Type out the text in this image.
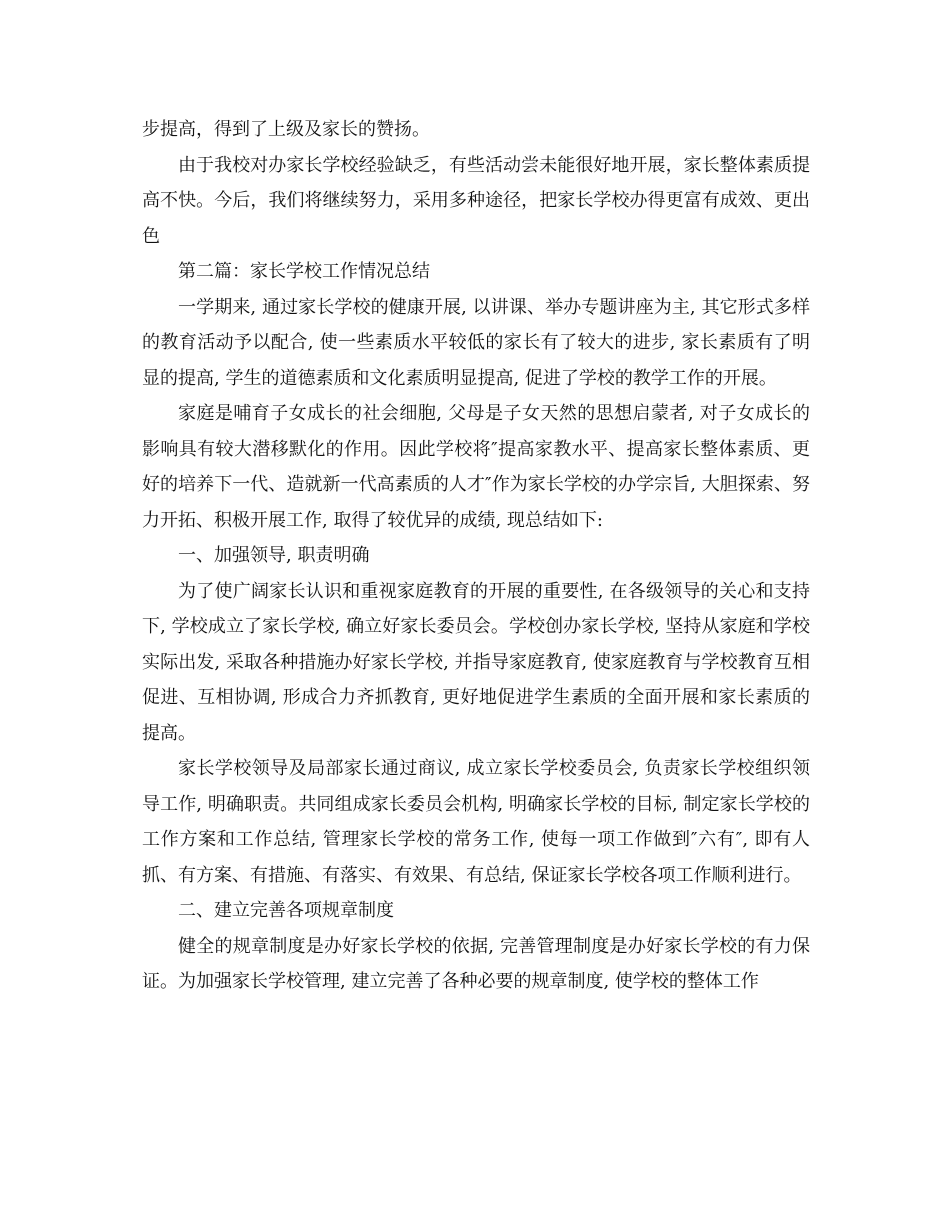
步提高，得到了上级及家长的赞扬。

由于我校对办家长学校经验缺乏，有些活动尝未能很好地开展，家长整体素质提高不快。今后，我们将继续努力，采用多种途径，把家长学校办得更富有成效、更出色

第二篇：家长学校工作情况总结

一学期来, 通过家长学校的健康开展, 以讲课、举办专题讲座为主, 其它形式多样的教育活动予以配合, 使一些素质水平较低的家长有了较大的进步, 家长素质有了明显的提高, 学生的道德素质和文化素质明显提高, 促进了学校的教学工作的开展。

家庭是哺育子女成长的社会细胞, 父母是子女天然的思想启蒙者, 对子女成长的影响具有较大潜移默化的作用。因此学校将″提高家教水平、提高家长整体素质、更好的培养下一代、造就新一代高素质的人才″作为家长学校的办学宗旨, 大胆探索、努力开拓、积极开展工作, 取得了较优异的成绩, 现总结如下:

一、加强领导, 职责明确

为了使广阔家长认识和重视家庭教育的开展的重要性, 在各级领导的关心和支持下, 学校成立了家长学校, 确立好家长委员会。学校创办家长学校, 坚持从家庭和学校实际出发, 采取各种措施办好家长学校, 并指导家庭教育, 使家庭教育与学校教育互相促进、互相协调, 形成合力齐抓教育, 更好地促进学生素质的全面开展和家长素质的提高。

家长学校领导及局部家长通过商议, 成立家长学校委员会, 负责家长学校组织领导工作, 明确职责。共同组成家长委员会机构, 明确家长学校的目标, 制定家长学校的工作方案和工作总结, 管理家长学校的常务工作, 使每一项工作做到″六有″, 即有人抓、有方案、有措施、有落实、有效果、有总结, 保证家长学校各项工作顺利进行。

二、建立完善各项规章制度

健全的规章制度是办好家长学校的依据, 完善管理制度是办好家长学校的有力保证。为加强家长学校管理, 建立完善了各种必要的规章制度, 使学校的整体工作
